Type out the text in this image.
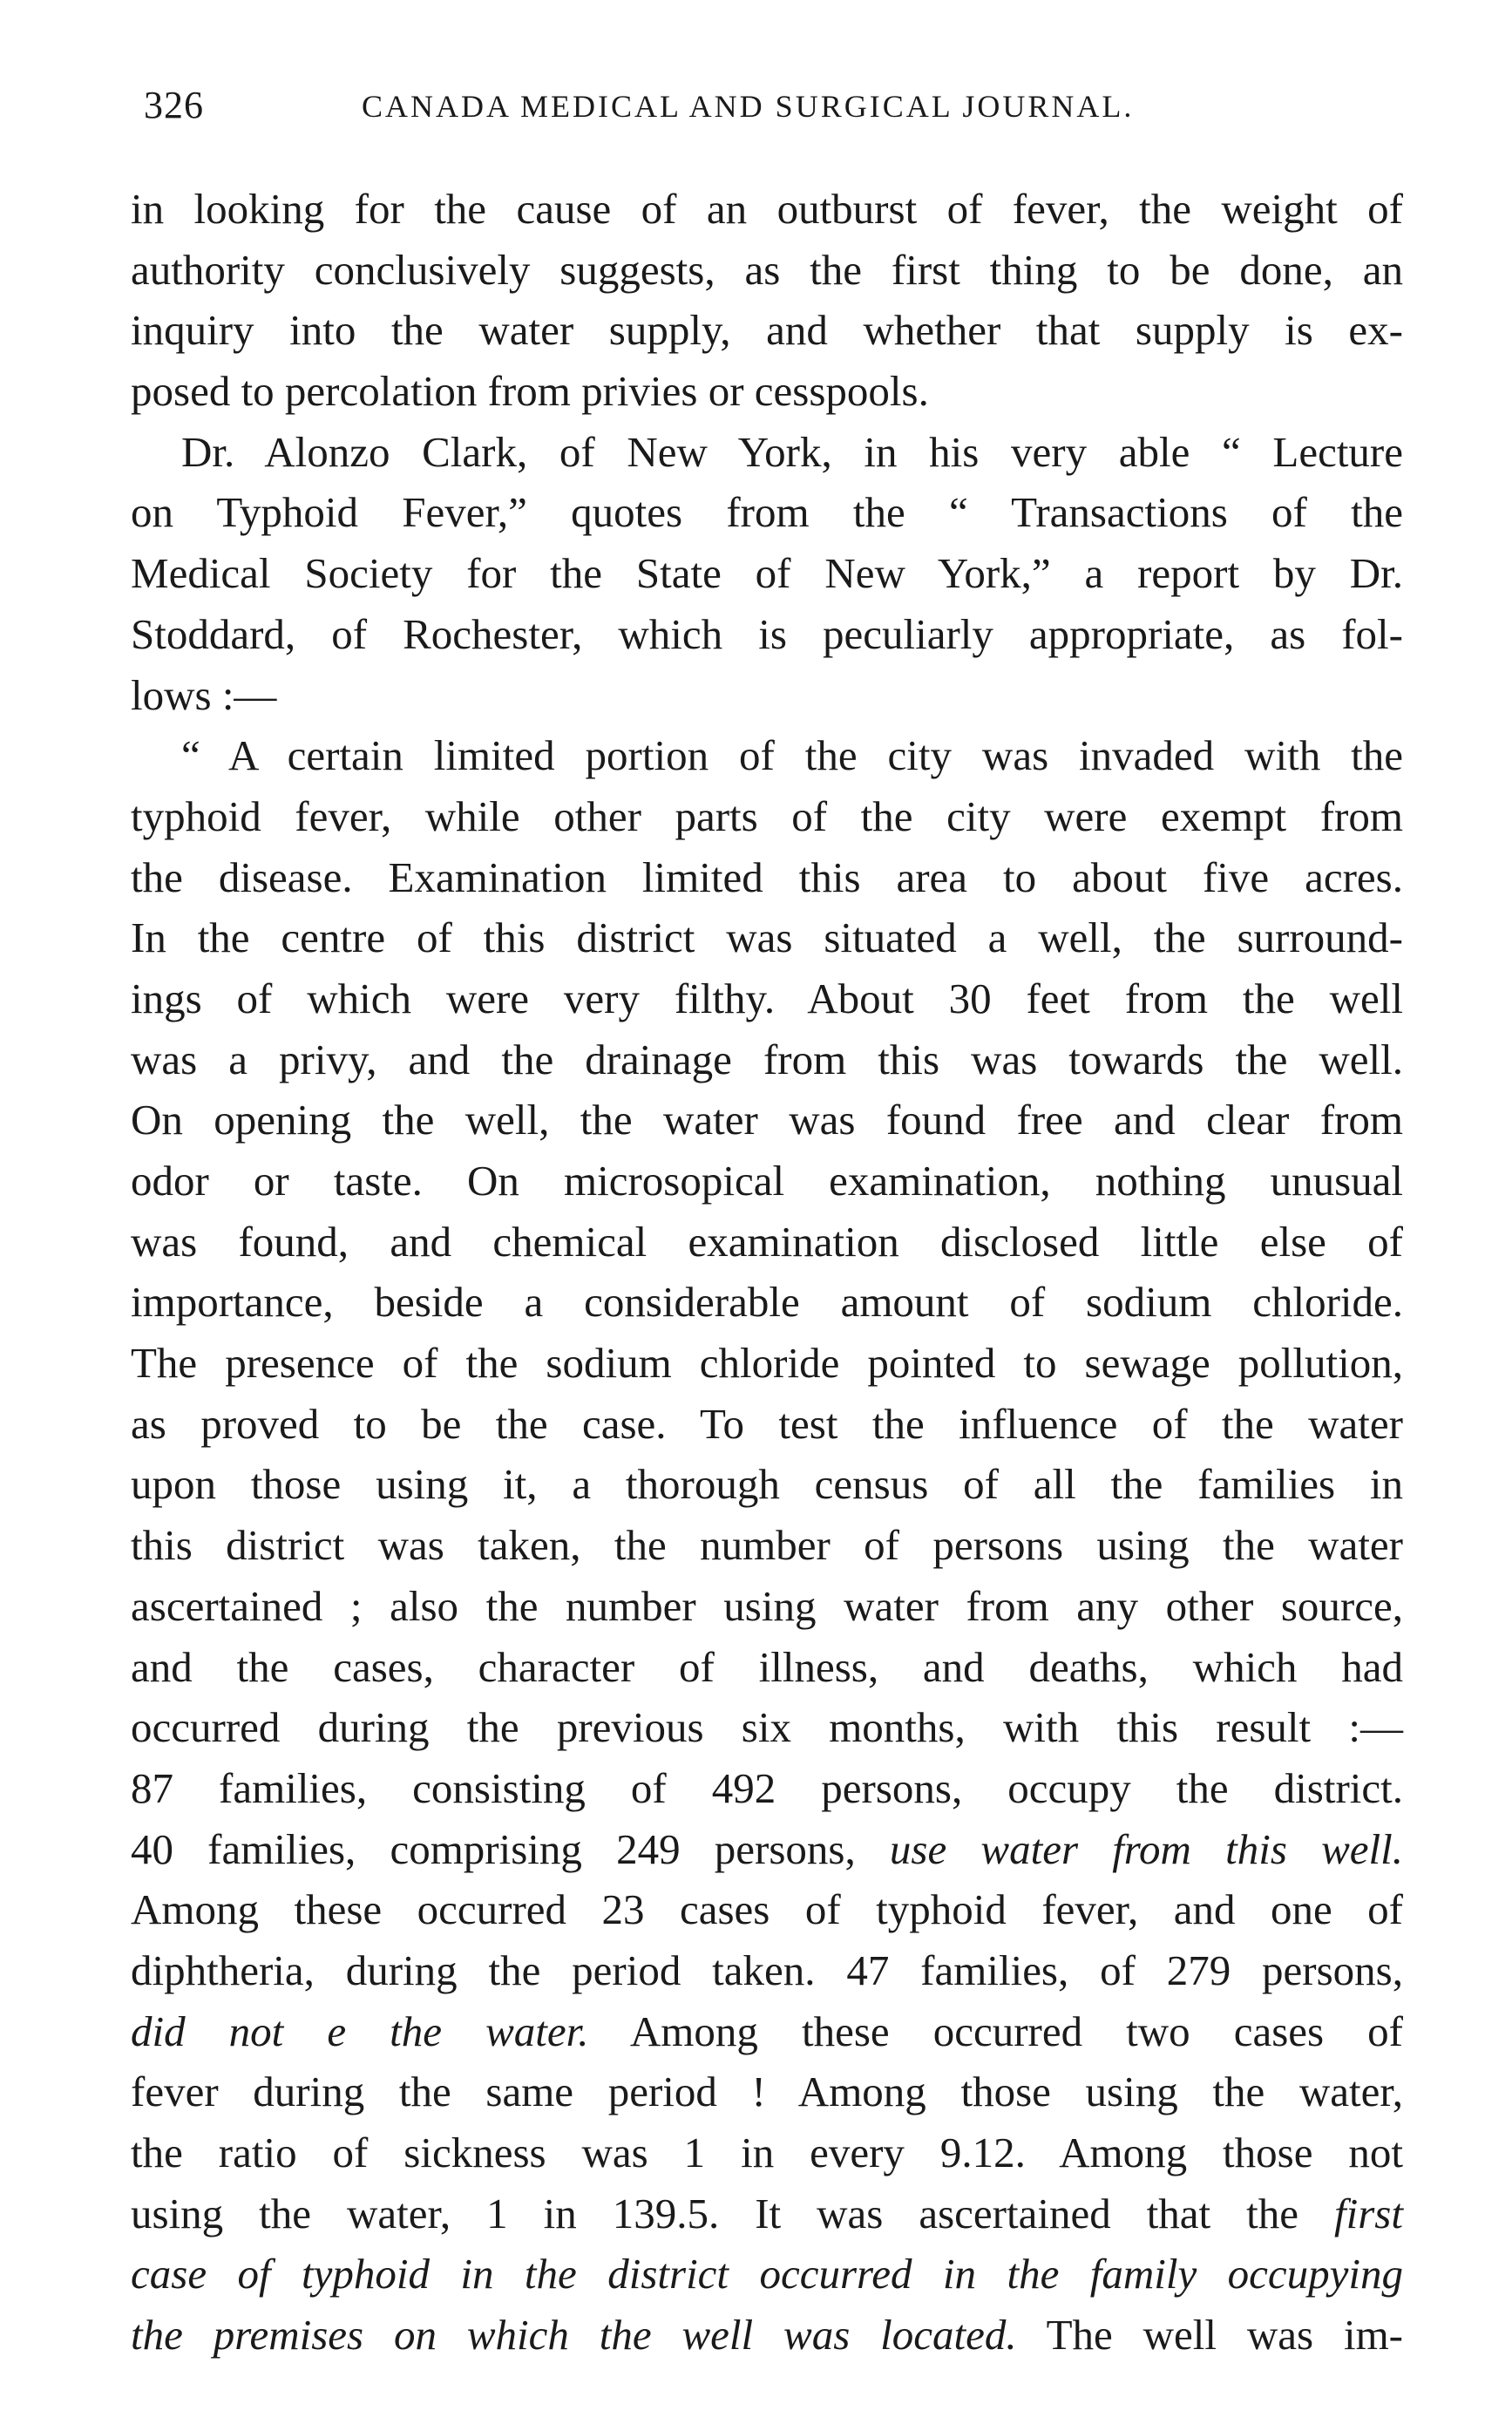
326	CANADA MEDICAL AND SURGICAL JOURNAL.
in looking for the cause of an outburst of fever, the weight of
authority conclusively suggests, as the first thing to be done, an
inquiry into the water supply, and whether that supply is ex-
posed to percolation from privies or cesspools.
Dr. Alonzo Clark, of New York, in his very able “ Lecture
on Typhoid Fever,” quotes from the “ Transactions of the
Medical Society for the State of New York,” a report by Dr.
Stoddard, of Rochester, which is peculiarly appropriate, as fol-
lows :—
“ A certain limited portion of the city was invaded with the
typhoid fever, while other parts of the city were exempt from
the disease. Examination limited this area to about five acres.
In the centre of this district was situated a well, the surround-
ings of which were very filthy. About 30 feet from the well
was a privy, and the drainage from this was towards the well.
On opening the well, the water was found free and clear from
odor or taste. On microsopical examination, nothing unusual
was found, and chemical examination disclosed little else of
importance, beside a considerable amount of sodium chloride.
The presence of the sodium chloride pointed to sewage pollution,
as proved to be the case. To test the influence of the water
upon those using it, a thorough census of all the families in
this district was taken, the number of persons using the water
ascertained ; also the number using water from any other source,
and the cases, character of illness, and deaths, which had
occurred during the previous six months, with this result :—
87 families, consisting of 492 persons, occupy the district.
40 families, comprising 249 persons, use water from this well.
Among these occurred 23 cases of typhoid fever, and one of
diphtheria, during the period taken. 47 families, of 279 persons,
did not e the water. Among these occurred two cases of
fever during the same period ! Among those using the water,
the ratio of sickness was 1 in every 9.12. Among those not
using the water, 1 in 139.5. It was ascertained that the first
case of typhoid in the district occurred in the family occupying
the premises on which the well was located. The well was im-
